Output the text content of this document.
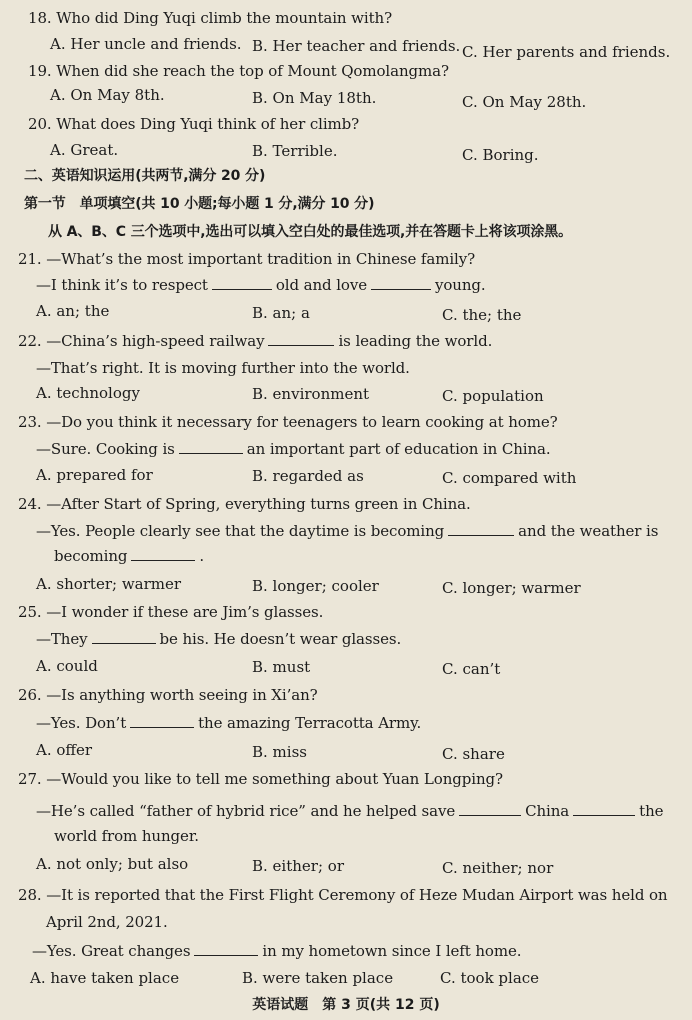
18. Who did Ding Yuqi climb the mountain with?
A. Her uncle and friends. B. Her teacher and friends. C. Her parents and friends.
19. When did she reach the top of Mount Qomolangma?
A. On May 8th.	B. On May 18th.	C. On May 28th.
20. What does Ding Yuqi think of her climb?
A. Great.	B. Terrible.	C. Boring.
二、英语知识运用(共两节,满分 20 分)
第一节　单项填空(共 10 小题;每小题 1 分,满分 10 分)
从 A、B、C 三个选项中,选出可以填入空白处的最佳选项,并在答题卡上将该项涂黑。
21. —What’s the most important tradition in Chinese family?
—I think it’s to respect	old and love	young.
A. an; the	B. an; a	C. the; the
22. —China’s high-speed railway	is leading the world.
—That’s right. It is moving further into the world.
A. technology	B. environment	C. population
23. —Do you think it necessary for teenagers to learn cooking at home?
—Sure. Cooking is	an important part of education in China.
A. prepared for	B. regarded as	C. compared with
24. —After Start of Spring, everything turns green in China.
—Yes. People clearly see that the daytime is becoming	and the weather is
becoming	.
A. shorter; warmer	B. longer; cooler	C. longer; warmer
25. —I wonder if these are Jim’s glasses.
—They	be his. He doesn’t wear glasses.
A. could	B. must	C. can’t
26. —Is anything worth seeing in Xi’an?
—Yes. Don’t	the amazing Terracotta Army.
A. offer	B. miss	C. share
27. —Would you like to tell me something about Yuan Longping?
—He’s called “father of hybrid rice” and he helped save	China	the
world from hunger.
A. not only; but also	B. either; or	C. neither; nor
28. —It is reported that the First Flight Ceremony of Heze Mudan Airport was held on
April 2nd, 2021.
—Yes. Great changes	in my hometown since I left home.
A. have taken place	B. were taken place	C. took place
英语试题　第 3 页(共 12 页)
